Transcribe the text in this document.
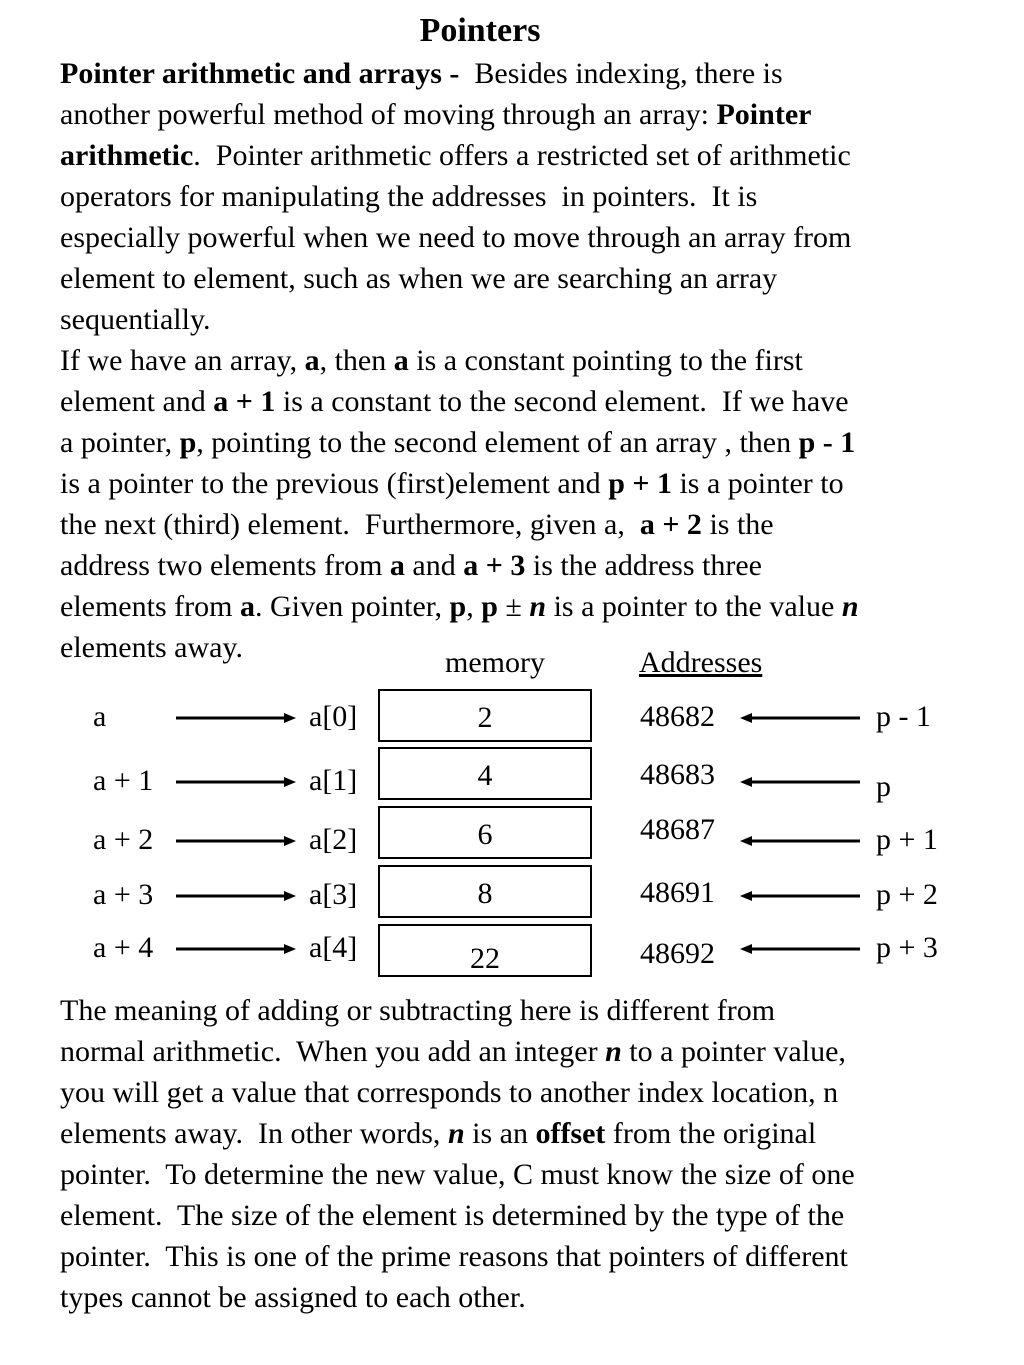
Pointers
Pointer arithmetic and arrays -  Besides indexing, there is
another powerful method of moving through an array: Pointer
arithmetic.  Pointer arithmetic offers a restricted set of arithmetic
operators for manipulating the addresses  in pointers.  It is
especially powerful when we need to move through an array from
element to element, such as when we are searching an array
sequentially.
If we have an array, a, then a is a constant pointing to the first
element and a + 1 is a constant to the second element.  If we have
a pointer, p, pointing to the second element of an array , then p - 1
is a pointer to the previous (first)element and p + 1 is a pointer to
the next (third) element.  Furthermore, given a,  a + 2 is the
address two elements from a and a + 3 is the address three
elements from a. Given pointer, p, p ± n is a pointer to the value n
elements away.	memory	Addresses
a	a[0]	2	48682	p - 1
a + 1	a[1]	4	48683	p
a + 2	a[2]	6	48687	p + 1
a + 3	a[3]	8	48691	p + 2
a + 4	a[4]	22	48692	p + 3
The meaning of adding or subtracting here is different from
normal arithmetic.  When you add an integer n to a pointer value,
you will get a value that corresponds to another index location, n
elements away.  In other words, n is an offset from the original
pointer.  To determine the new value, C must know the size of one
element.  The size of the element is determined by the type of the
pointer.  This is one of the prime reasons that pointers of different
types cannot be assigned to each other.
